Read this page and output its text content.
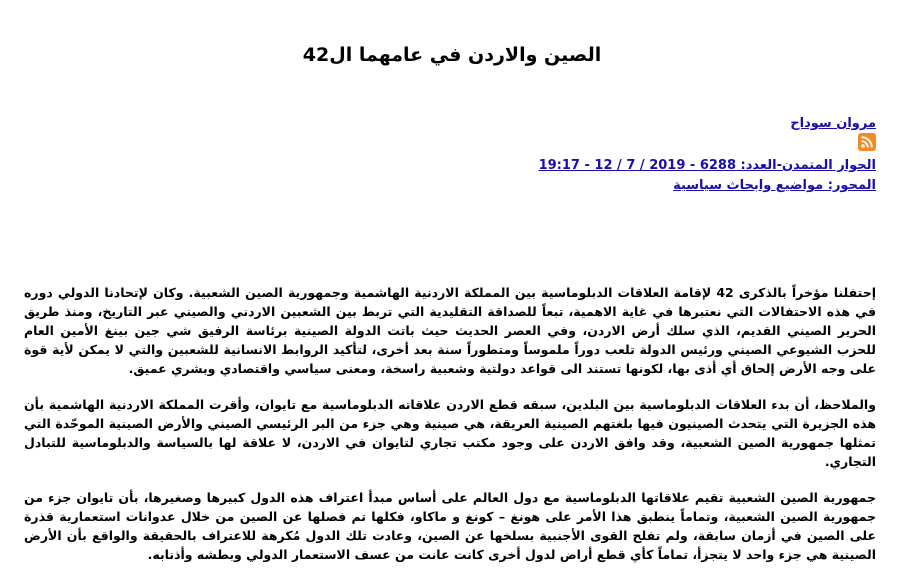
الصين والاردن في عامهما ال42
مروان سوداح
الحوار المتمدن-العدد: 6288 - 2019 / 7 / 12 - 19:17
المحور: مواضيع وابحاث سياسية

إحتفلنا مؤخراً بالذكرى 42 لإقامة العلاقات الدبلوماسية بين المملكة الاردنية الهاشمية وجمهورية الصين الشعبية. وكان لإتحادنا الدولي دوره في هذه الاحتفالات التي نعتبرها في غاية الاهمية، تبعاً للصداقة التقليدية التي تربط بين الشعبين الاردني والصيني عبر التاريخ، ومنذ طريق الحرير الصيني القديم، الذي سلك أرض الاردن، وفي العصر الحديث حيث باتت الدولة الصينية برئاسة الرفيق شي جين بينغ الأمين العام للحزب الشيوعي الصيني ورئيس الدولة تلعب دوراً ملموساً ومتطوراً سنة بعد أخرى، لتأكيد الروابط الانسانية للشعبين والتي لا يمكن لأية قوة على وجه الأرض إلحاق أي أذى بها، لكونها تستند الى قواعد دولتية وشعبية راسخة، ومعنى سياسي واقتصادي وبشري عميق.

والملاحظ، أن بدء العلاقات الدبلوماسية بين البلدين، سبقه قطع الاردن علاقاته الدبلوماسية مع تايوان، وأقرت المملكة الاردنية الهاشمية بأن هذه الجزيرة التي يتحدث الصينيون فيها بلغتهم الصينية العريقة، هي صينية وهي جزء من البر الرئيسي الصيني والأرض الصينية الموحّدة التي تمثلها جمهورية الصين الشعبية، وقد وافق الاردن على وجود مكتب تجاري لتايوان في الاردن، لا علاقة لها بالسياسة والدبلوماسية للتبادل التجاري.

جمهورية الصين الشعبية تقيم علاقاتها الدبلوماسية مع دول العالم على أساس مبدأ اعتراف هذه الدول كبيرها وصغيرها، بأن تايوان جزء من جمهورية الصين الشعبية، وتماماً ينطبق هذا الأمر على هونغ – كونغ و ماكاو، فكلها تم فصلها عن الصين من خلال عدوانات استعمارية قذرة على الصين في أزمان سابقة، ولم تفلح القوى الأجنبية بسلخها عن الصين، وعادت تلك الدول مُكرهة للاعتراف بالحقيقة والواقع بأن الأرض الصينية هي جزء واحد لا يتجزأ، تماماً كأي قطع أراض لدول أخرى كانت عانت من عسف الاستعمار الدولي وبطشه وأذنابه.
